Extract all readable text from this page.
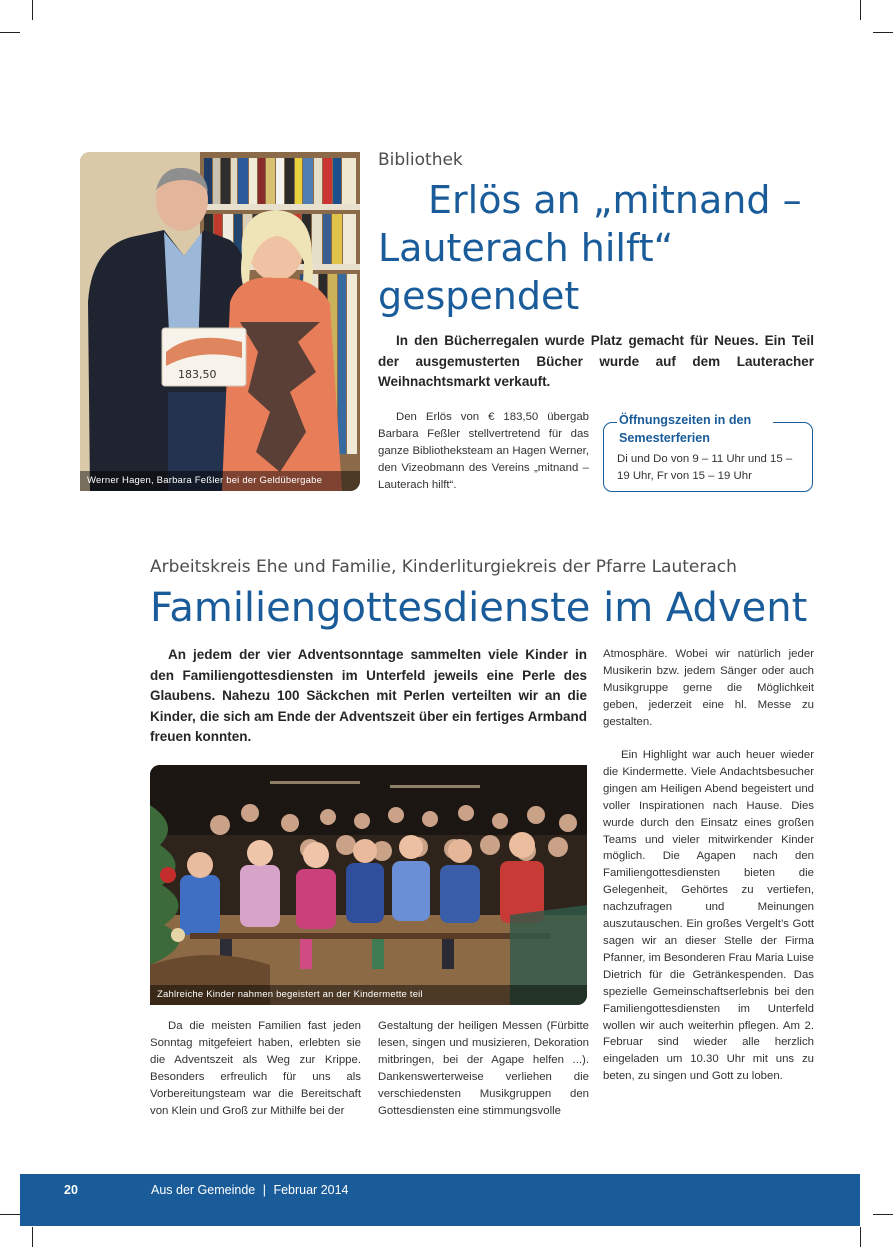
183,50
Werner Hagen, Barbara Feßler bei der Geldübergabe
Bibliothek
Erlös an „mitnand –
Lauterach hilft“
gespendet
In den Bücherregalen wurde Platz gemacht für Neues. Ein Teil der ausgemusterten Bücher wurde auf dem Lauteracher Weihnachtsmarkt verkauft.
Den Erlös von € 183,50 übergab Barbara Feßler stellvertretend für das ganze Bibliotheksteam an Hagen Werner, den Vizeobmann des Vereins „mitnand – Lauterach hilft“.
Öffnungszeiten in den Semesterferien
Di und Do von 9 – 11 Uhr und 15 – 19 Uhr, Fr von 15 – 19 Uhr
Arbeitskreis Ehe und Familie, Kinderliturgiekreis der Pfarre Lauterach
Familiengottesdienste im Advent
An jedem der vier Adventsonntage sammelten viele Kinder in den Familiengottesdiensten im Unterfeld jeweils eine Perle des Glaubens. Nahezu 100 Säckchen mit Perlen verteilten wir an die Kinder, die sich am Ende der Adventszeit über ein fertiges Armband freuen konnten.
Zahlreiche Kinder nahmen begeistert an der Kindermette teil
Da die meisten Familien fast jeden Sonntag mitgefeiert haben, erlebten sie die Adventszeit als Weg zur Krippe. Besonders erfreulich für uns als Vorbereitungsteam war die Bereitschaft von Klein und Groß zur Mithilfe bei der
Gestaltung der heiligen Messen (Fürbitte lesen, singen und musizieren, Dekoration mitbringen, bei der Agape helfen ...). Dankenswerterweise verliehen die verschiedensten Musikgruppen den Gottesdiensten eine stimmungsvolle
Atmosphäre. Wobei wir natürlich jeder Musikerin bzw. jedem Sänger oder auch Musikgruppe gerne die Möglichkeit geben, jederzeit eine hl. Messe zu gestalten.
Ein Highlight war auch heuer wieder die Kindermette. Viele Andachtsbesucher gingen am Heiligen Abend begeistert und voller Inspirationen nach Hause. Dies wurde durch den Einsatz eines großen Teams und vieler mitwirkender Kinder möglich. Die Agapen nach den Familiengottesdiensten bieten die Gelegenheit, Gehörtes zu vertiefen, nachzufragen und Meinungen auszutauschen. Ein großes Vergelt’s Gott sagen wir an dieser Stelle der Firma Pfanner, im Besonderen Frau Maria Luise Dietrich für die Getränkespenden. Das spezielle Gemeinschaftserlebnis bei den Familiengottesdiensten im Unterfeld wollen wir auch weiterhin pflegen. Am 2. Februar sind wieder alle herzlich eingeladen um 10.30 Uhr mit uns zu beten, zu singen und Gott zu loben.
20	Aus der Gemeinde | Februar 2014
